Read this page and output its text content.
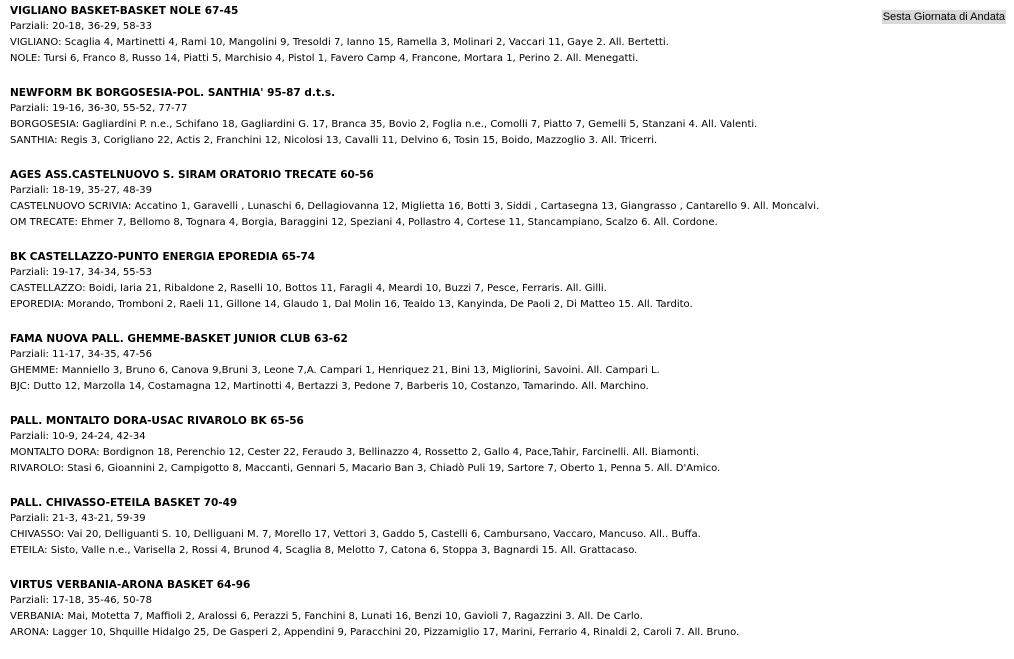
Sesta Giornata di Andata
VIGLIANO BASKET-BASKET NOLE 67-45
Parziali: 20-18, 36-29, 58-33
VIGLIANO: Scaglia 4, Martinetti 4, Rami 10, Mangolini 9, Tresoldi 7, Ianno 15, Ramella 3, Molinari 2, Vaccari 11, Gaye 2. All. Bertetti.
NOLE: Tursi 6, Franco 8, Russo 14, Piatti 5, Marchisio 4, Pistol 1, Favero Camp 4, Francone, Mortara 1, Perino 2. All. Menegatti.
NEWFORM BK BORGOSESIA-POL. SANTHIA' 95-87 d.t.s.
Parziali: 19-16, 36-30, 55-52, 77-77
BORGOSESIA: Gagliardini P. n.e., Schifano 18, Gagliardini G. 17, Branca 35, Bovio 2, Foglia n.e., Comolli 7, Piatto 7, Gemelli 5, Stanzani 4. All. Valenti.
SANTHIA: Regis 3, Corigliano 22, Actis 2, Franchini 12, Nicolosi 13, Cavalli 11, Delvino 6, Tosin 15, Boido, Mazzoglio 3. All. Tricerri.
AGES ASS.CASTELNUOVO S. SIRAM ORATORIO TRECATE 60-56
Parziali: 18-19, 35-27, 48-39
CASTELNUOVO SCRIVIA: Accatino 1, Garavelli , Lunaschi 6, Dellagiovanna 12, Miglietta 16, Botti 3, Siddi , Cartasegna 13, Giangrasso , Cantarello 9. All. Moncalvi.
OM TRECATE: Ehmer 7, Bellomo 8, Tognara 4, Borgia, Baraggini 12, Speziani 4, Pollastro 4, Cortese 11, Stancampiano, Scalzo 6. All. Cordone.
BK CASTELLAZZO-PUNTO ENERGIA EPOREDIA 65-74
Parziali: 19-17, 34-34, 55-53
CASTELLAZZO: Boidi, Iaria 21, Ribaldone 2, Raselli 10, Bottos 11, Faragli 4, Meardi 10, Buzzi 7, Pesce, Ferraris. All. Gilli.
EPOREDIA: Morando, Tromboni 2, Raeli 11, Gillone 14, Glaudo 1, Dal Molin 16, Tealdo 13, Kanyinda, De Paoli 2, Di Matteo 15. All. Tardito.
FAMA NUOVA PALL. GHEMME-BASKET JUNIOR CLUB 63-62
Parziali: 11-17, 34-35, 47-56
GHEMME: Manniello 3, Bruno 6, Canova 9,Bruni 3, Leone 7,A. Campari 1, Henriquez 21, Bini 13, Migliorini, Savoini. All. Campari L.
BJC: Dutto 12, Marzolla 14, Costamagna 12, Martinotti 4, Bertazzi 3, Pedone 7, Barberis 10, Costanzo, Tamarindo. All. Marchino.
PALL. MONTALTO DORA-USAC RIVAROLO BK 65-56
Parziali: 10-9, 24-24, 42-34
MONTALTO DORA: Bordignon 18, Perenchio 12, Cester 22, Feraudo 3, Bellinazzo 4, Rossetto 2, Gallo 4, Pace,Tahir, Farcinelli. All. Biamonti.
RIVAROLO: Stasi 6, Gioannini 2, Campigotto 8, Maccanti, Gennari 5, Macario Ban 3, Chiadò Puli 19, Sartore 7, Oberto 1, Penna 5. All. D'Amico.
PALL. CHIVASSO-ETEILA BASKET 70-49
Parziali: 21-3, 43-21, 59-39
CHIVASSO: Vai 20, Delliguanti S. 10, Delliguani M. 7, Morello 17, Vettori 3, Gaddo 5, Castelli 6, Cambursano, Vaccaro, Mancuso. All.. Buffa.
ETEILA: Sisto, Valle n.e., Varisella 2, Rossi 4, Brunod 4, Scaglia 8, Melotto 7, Catona 6, Stoppa 3, Bagnardi 15. All. Grattacaso.
VIRTUS VERBANIA-ARONA BASKET 64-96
Parziali: 17-18, 35-46, 50-78
VERBANIA: Mai, Motetta 7, Maffioli 2, Aralossi 6, Perazzi 5, Fanchini 8, Lunati 16, Benzi 10, Gavioli 7, Ragazzini 3. All. De Carlo.
ARONA: Lagger 10, Shquille Hidalgo 25, De Gasperi 2, Appendini 9, Paracchini 20, Pizzamiglio 17, Marini, Ferrario 4, Rinaldi 2, Caroli 7. All. Bruno.
